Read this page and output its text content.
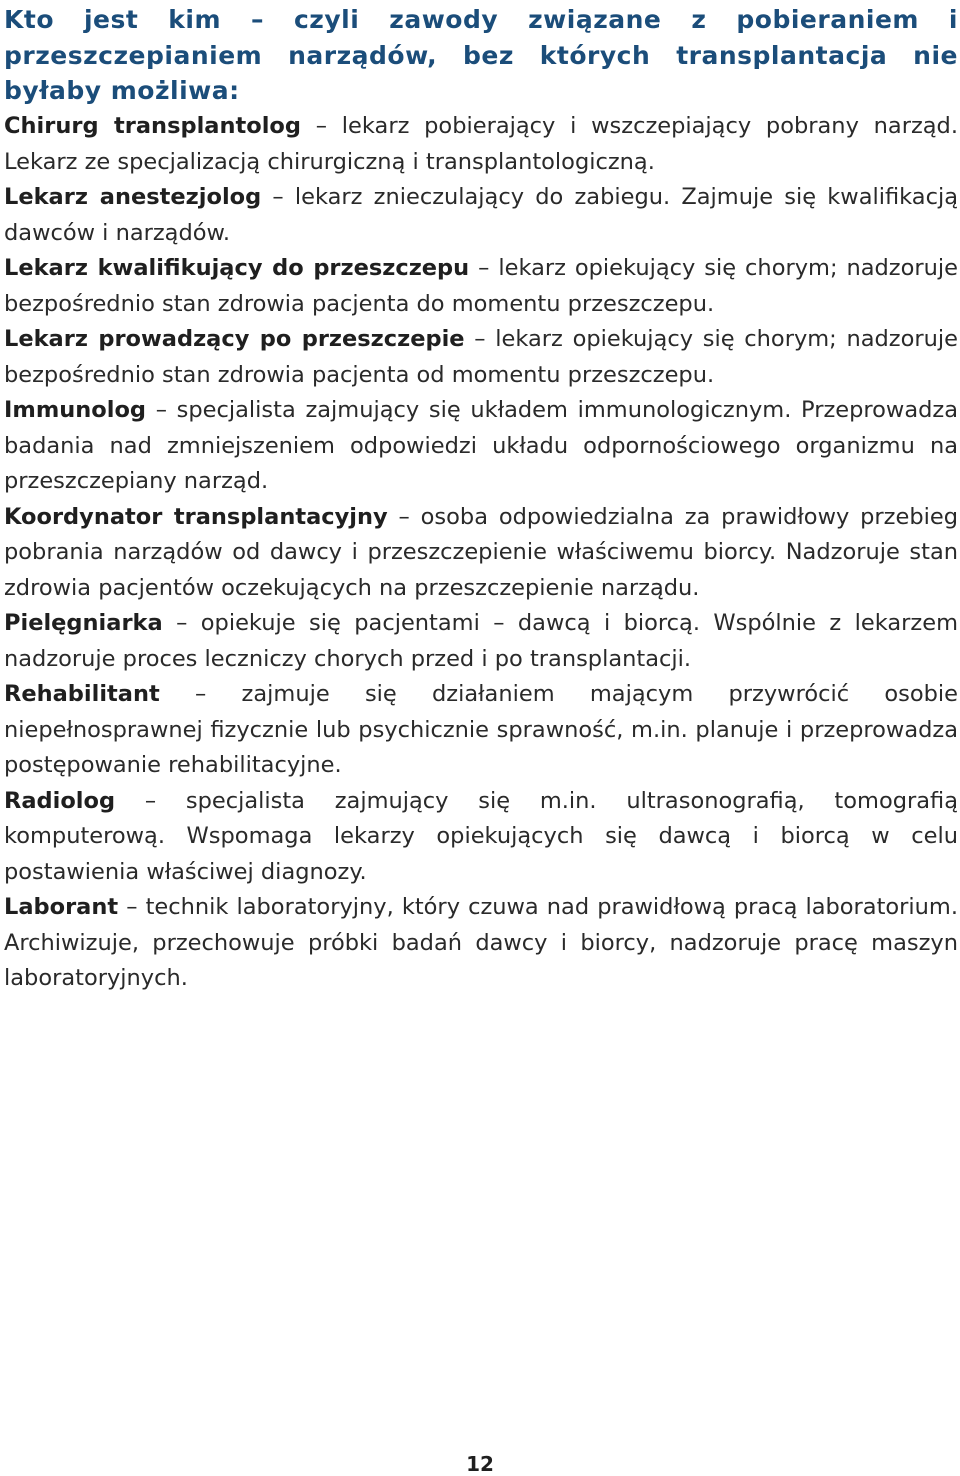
Kto jest kim – czyli zawody związane z pobieraniem i przeszczepianiem narządów, bez których transplantacja nie byłaby możliwa:

Chirurg transplantolog – lekarz pobierający i wszczepiający pobrany narząd. Lekarz ze specjalizacją chirurgiczną i transplantologiczną.

Lekarz anestezjolog – lekarz znieczulający do zabiegu. Zajmuje się kwalifikacją dawców i narządów.

Lekarz kwalifikujący do przeszczepu – lekarz opiekujący się chorym; nadzoruje bezpośrednio stan zdrowia pacjenta do momentu przeszczepu.

Lekarz prowadzący po przeszczepie – lekarz opiekujący się chorym; nadzoruje bezpośrednio stan zdrowia pacjenta od momentu przeszczepu.

Immunolog – specjalista zajmujący się układem immunologicznym. Przeprowadza badania nad zmniejszeniem odpowiedzi układu odpornościowego organizmu na przeszczepiany narząd.

Koordynator transplantacyjny – osoba odpowiedzialna za prawidłowy przebieg pobrania narządów od dawcy i przeszczepienie właściwemu biorcy. Nadzoruje stan zdrowia pacjentów oczekujących na przeszczepienie narządu.

Pielęgniarka – opiekuje się pacjentami – dawcą i biorcą. Wspólnie z lekarzem nadzoruje proces leczniczy chorych przed i po transplantacji.

Rehabilitant – zajmuje się działaniem mającym przywrócić osobie niepełnosprawnej fizycznie lub psychicznie sprawność, m.in. planuje i przeprowadza postępowanie rehabilitacyjne.

Radiolog – specjalista zajmujący się m.in. ultrasonografią, tomografią komputerową. Wspomaga lekarzy opiekujących się dawcą i biorcą w celu postawienia właściwej diagnozy.

Laborant – technik laboratoryjny, który czuwa nad prawidłową pracą laboratorium. Archiwizuje, przechowuje próbki badań dawcy i biorcy, nadzoruje pracę maszyn laboratoryjnych.

12
